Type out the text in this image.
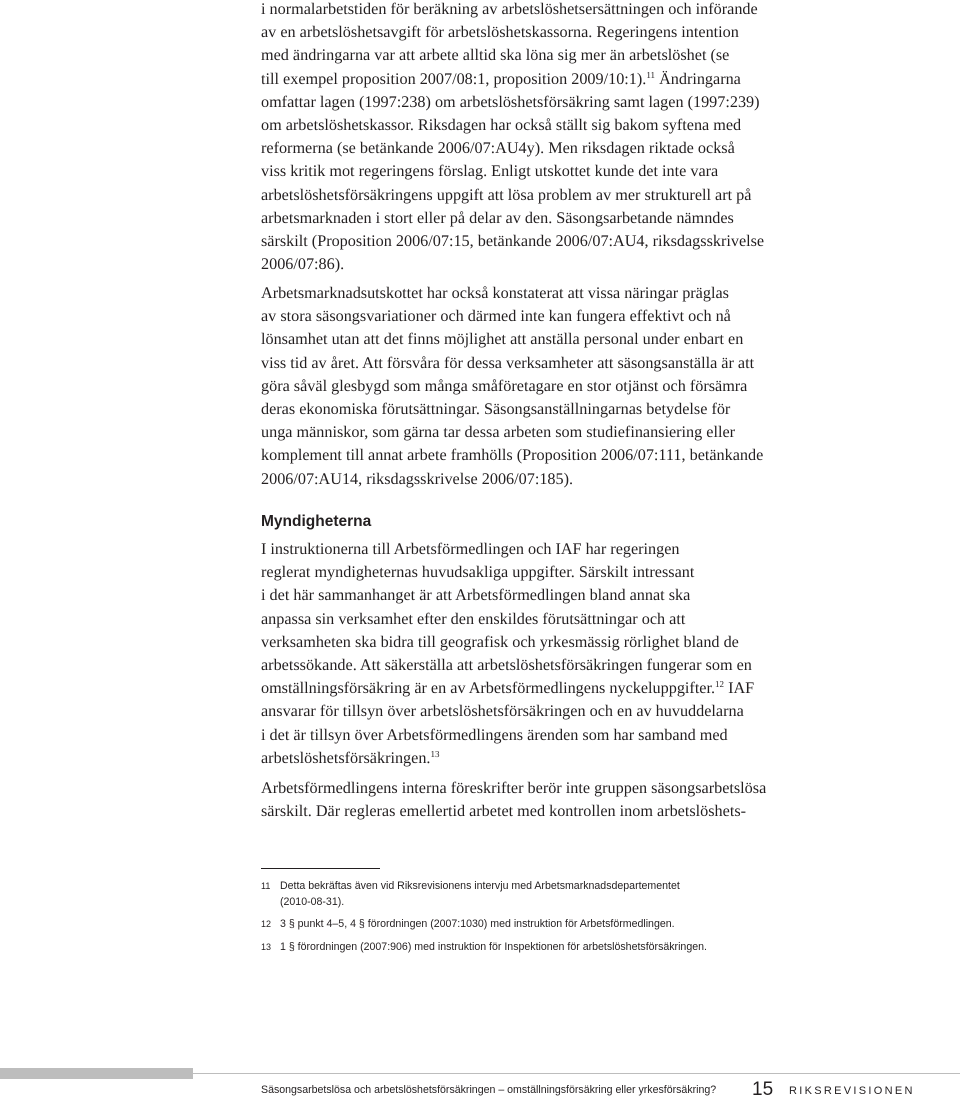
i normalarbetstiden för beräkning av arbetslöshetsersättningen och införande
av en arbetslöshetsavgift för arbetslöshetskassorna. Regeringens intention
med ändringarna var att arbete alltid ska löna sig mer än arbetslöshet (se
till exempel proposition 2007/08:1, proposition 2009/10:1).$^{11}$ Ändringarna
omfattar lagen (1997:238) om arbetslöshetsförsäkring samt lagen (1997:239)
om arbetslöshetskassor. Riksdagen har också ställt sig bakom syftena med
reformerna (se betänkande 2006/07:AU4y). Men riksdagen riktade också
viss kritik mot regeringens förslag. Enligt utskottet kunde det inte vara
arbetslöshetsförsäkringens uppgift att lösa problem av mer strukturell art på
arbetsmarknaden i stort eller på delar av den. Säsongsarbetande nämndes
särskilt (Proposition 2006/07:15, betänkande 2006/07:AU4, riksdagsskrivelse
2006/07:86).

Arbetsmarknadsutskottet har också konstaterat att vissa näringar präglas
av stora säsongsvariationer och därmed inte kan fungera effektivt och nå
lönsamhet utan att det finns möjlighet att anställa personal under enbart en
viss tid av året. Att försvåra för dessa verksamheter att säsongsanställa är att
göra såväl glesbygd som många småföretagare en stor otjänst och försämra
deras ekonomiska förutsättningar. Säsongsanställningarnas betydelse för
unga människor, som gärna tar dessa arbeten som studiefinansiering eller
komplement till annat arbete framhölls (Proposition 2006/07:111, betänkande
2006/07:AU14, riksdagsskrivelse 2006/07:185).

Myndigheterna

I instruktionerna till Arbetsförmedlingen och IAF har regeringen
reglerat myndigheternas huvudsakliga uppgifter. Särskilt intressant
i det här sammanhanget är att Arbetsförmedlingen bland annat ska
anpassa sin verksamhet efter den enskildes förutsättningar och att
verksamheten ska bidra till geografisk och yrkesmässig rörlighet bland de
arbetssökande. Att säkerställa att arbetslöshetsförsäkringen fungerar som en
omställningsförsäkring är en av Arbetsförmedlingens nyckeluppgifter.$^{12}$ IAF
ansvarar för tillsyn över arbetslöshetsförsäkringen och en av huvuddelarna
i det är tillsyn över Arbetsförmedlingens ärenden som har samband med
arbetslöshetsförsäkringen.$^{13}$

Arbetsförmedlingens interna föreskrifter berör inte gruppen säsongsarbetslösa
särskilt. Där regleras emellertid arbetet med kontrollen inom arbetslöshets-

11 Detta bekräftas även vid Riksrevisionens intervju med Arbetsmarknadsdepartementet
(2010-08-31).
12 3 § punkt 4–5, 4 § förordningen (2007:1030) med instruktion för Arbetsförmedlingen.
13 1 § förordningen (2007:906) med instruktion för Inspektionen för arbetslöshetsförsäkringen.
Säsongsarbetslösa och arbetslöshetsförsäkringen – omställningsförsäkring eller yrkesförsäkring? 15 RIKSREVISIONEN
